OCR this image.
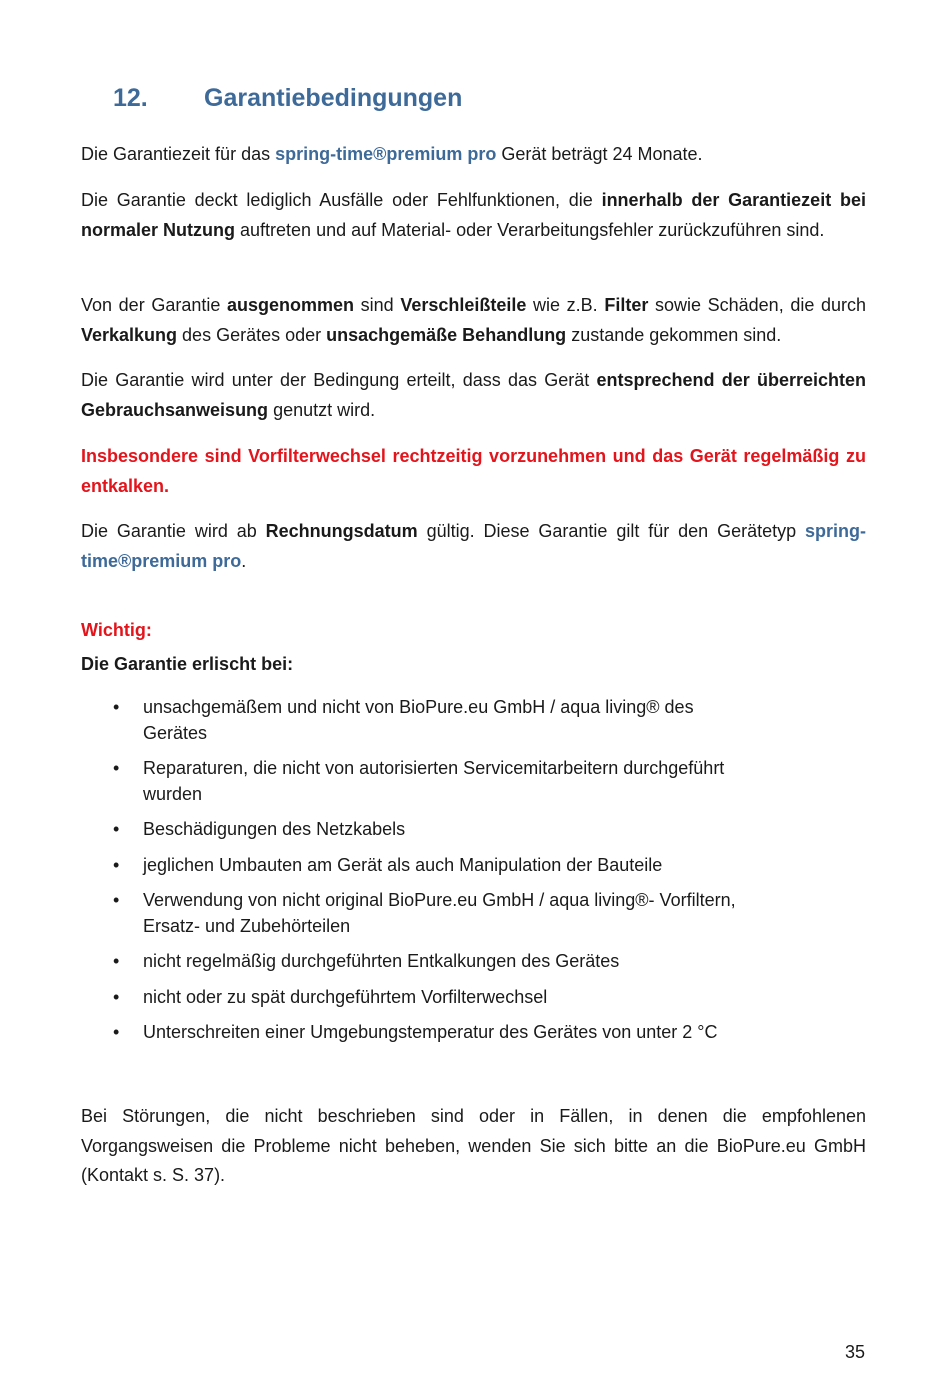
12.	Garantiebedingungen

Die Garantiezeit für das spring-time®premium pro Gerät beträgt 24 Monate.

Die Garantie deckt lediglich Ausfälle oder Fehlfunktionen, die innerhalb der Garantiezeit bei normaler Nutzung auftreten und auf Material- oder Verarbeitungsfehler zurückzuführen sind.

Von der Garantie ausgenommen sind Verschleißteile wie z.B. Filter sowie Schäden, die durch Verkalkung des Gerätes oder unsachgemäße Behandlung zustande gekommen sind.

Die Garantie wird unter der Bedingung erteilt, dass das Gerät entsprechend der überreichten Gebrauchsanweisung genutzt wird.

Insbesondere sind Vorfilterwechsel rechtzeitig vorzunehmen und das Gerät regelmäßig zu entkalken.

Die Garantie wird ab Rechnungsdatum gültig. Diese Garantie gilt für den Gerätetyp spring-time®premium pro.

Wichtig:
Die Garantie erlischt bei:
• unsachgemäßem und nicht von BioPure.eu GmbH / aqua living® des Gerätes
• Reparaturen, die nicht von autorisierten Servicemitarbeitern durchgeführt wurden
• Beschädigungen des Netzkabels
• jeglichen Umbauten am Gerät als auch Manipulation der Bauteile
• Verwendung von nicht original BioPure.eu GmbH / aqua living®- Vorfiltern, Ersatz- und Zubehörteilen
• nicht regelmäßig durchgeführten Entkalkungen des Gerätes
• nicht oder zu spät durchgeführtem Vorfilterwechsel
• Unterschreiten einer Umgebungstemperatur des Gerätes von unter 2 °C

Bei Störungen, die nicht beschrieben sind oder in Fällen, in denen die empfohlenen Vorgangsweisen die Probleme nicht beheben, wenden Sie sich bitte an die BioPure.eu GmbH (Kontakt s. S. 37).

35
